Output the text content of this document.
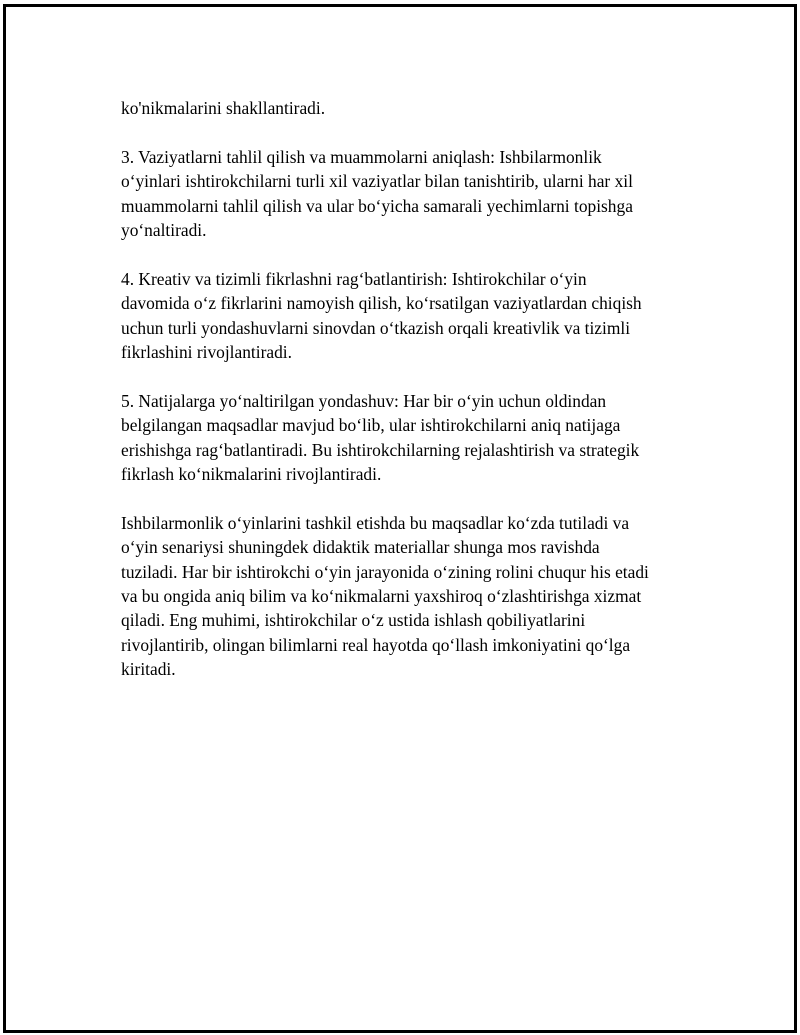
ko'nikmalarini shakllantiradi.

3. Vaziyatlarni tahlil qilish va muammolarni aniqlash: Ishbilarmonlik
o‘yinlari ishtirokchilarni turli xil vaziyatlar bilan tanishtirib, ularni har xil
muammolarni tahlil qilish va ular bo‘yicha samarali yechimlarni topishga
yo‘naltiradi.

4. Kreativ va tizimli fikrlashni rag‘batlantirish: Ishtirokchilar o‘yin
davomida o‘z fikrlarini namoyish qilish, ko‘rsatilgan vaziyatlardan chiqish
uchun turli yondashuvlarni sinovdan o‘tkazish orqali kreativlik va tizimli
fikrlashini rivojlantiradi.

5. Natijalarga yo‘naltirilgan yondashuv: Har bir o‘yin uchun oldindan
belgilangan maqsadlar mavjud bo‘lib, ular ishtirokchilarni aniq natijaga
erishishga rag‘batlantiradi. Bu ishtirokchilarning rejalashtirish va strategik
fikrlash ko‘nikmalarini rivojlantiradi.

Ishbilarmonlik o‘yinlarini tashkil etishda bu maqsadlar ko‘zda tutiladi va
o‘yin senariysi shuningdek didaktik materiallar shunga mos ravishda
tuziladi. Har bir ishtirokchi o‘yin jarayonida o‘zining rolini chuqur his etadi
va bu ongida aniq bilim va ko‘nikmalarni yaxshiroq o‘zlashtirishga xizmat
qiladi. Eng muhimi, ishtirokchilar o‘z ustida ishlash qobiliyatlarini
rivojlantirib, olingan bilimlarni real hayotda qo‘llash imkoniyatini qo‘lga
kiritadi.
